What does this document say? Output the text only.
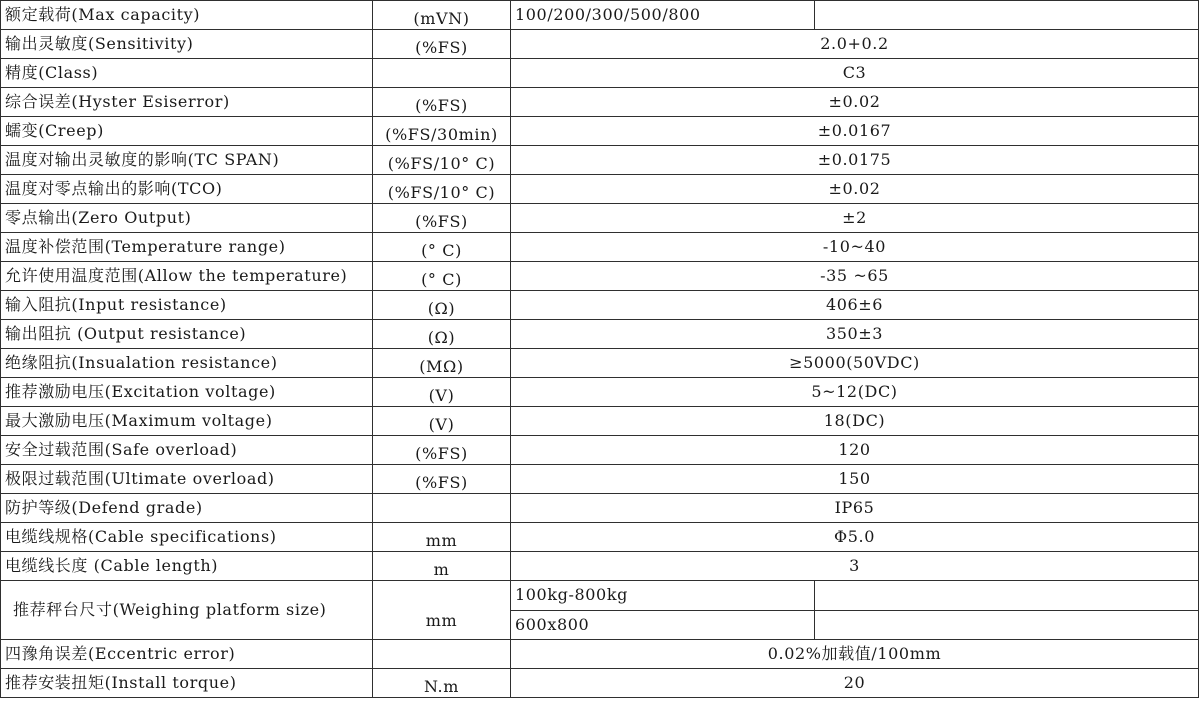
额定载荷(Max capacity)	(mVN)	100/200/300/500/800	
输出灵敏度(Sensitivity)	(%FS)	2.0+0.2	
精度(Class)		C3	
综合误差(Hyster Esiserror)	(%FS)	±0.02	
蠕变(Creep)	(%FS/30min)	±0.0167	
温度对输出灵敏度的影响(TC SPAN)	(%FS/10° C)	±0.0175	
温度对零点输出的影响(TCO)	(%FS/10° C)	±0.02	
零点输出(Zero Output)	(%FS)	±2	
温度补偿范围(Temperature range)	(° C)	-10~40	
允许使用温度范围(Allow the temperature)	(° C)	-35 ~65	
输入阻抗(Input resistance)	(Ω)	406±6	
输出阻抗 (Output resistance)	(Ω)	350±3	
绝缘阻抗(Insualation resistance)	(MΩ)	≥5000(50VDC)	
推荐激励电压(Excitation voltage)	(V)	5~12(DC)	
最大激励电压(Maximum voltage)	(V)	18(DC)	
安全过载范围(Safe overload)	(%FS)	120	
极限过载范围(Ultimate overload)	(%FS)	150	
防护等级(Defend grade)		IP65	
电缆线规格(Cable specifications)	mm	Φ5.0	
电缆线长度 (Cable length)	m	3	
推荐秤台尺寸(Weighing platform size)	mm	100kg-800kg	
		600x800	
四豫角误差(Eccentric error)		0.02%加载值/100mm	
推荐安装扭矩(Install torque)	N.m	20	
